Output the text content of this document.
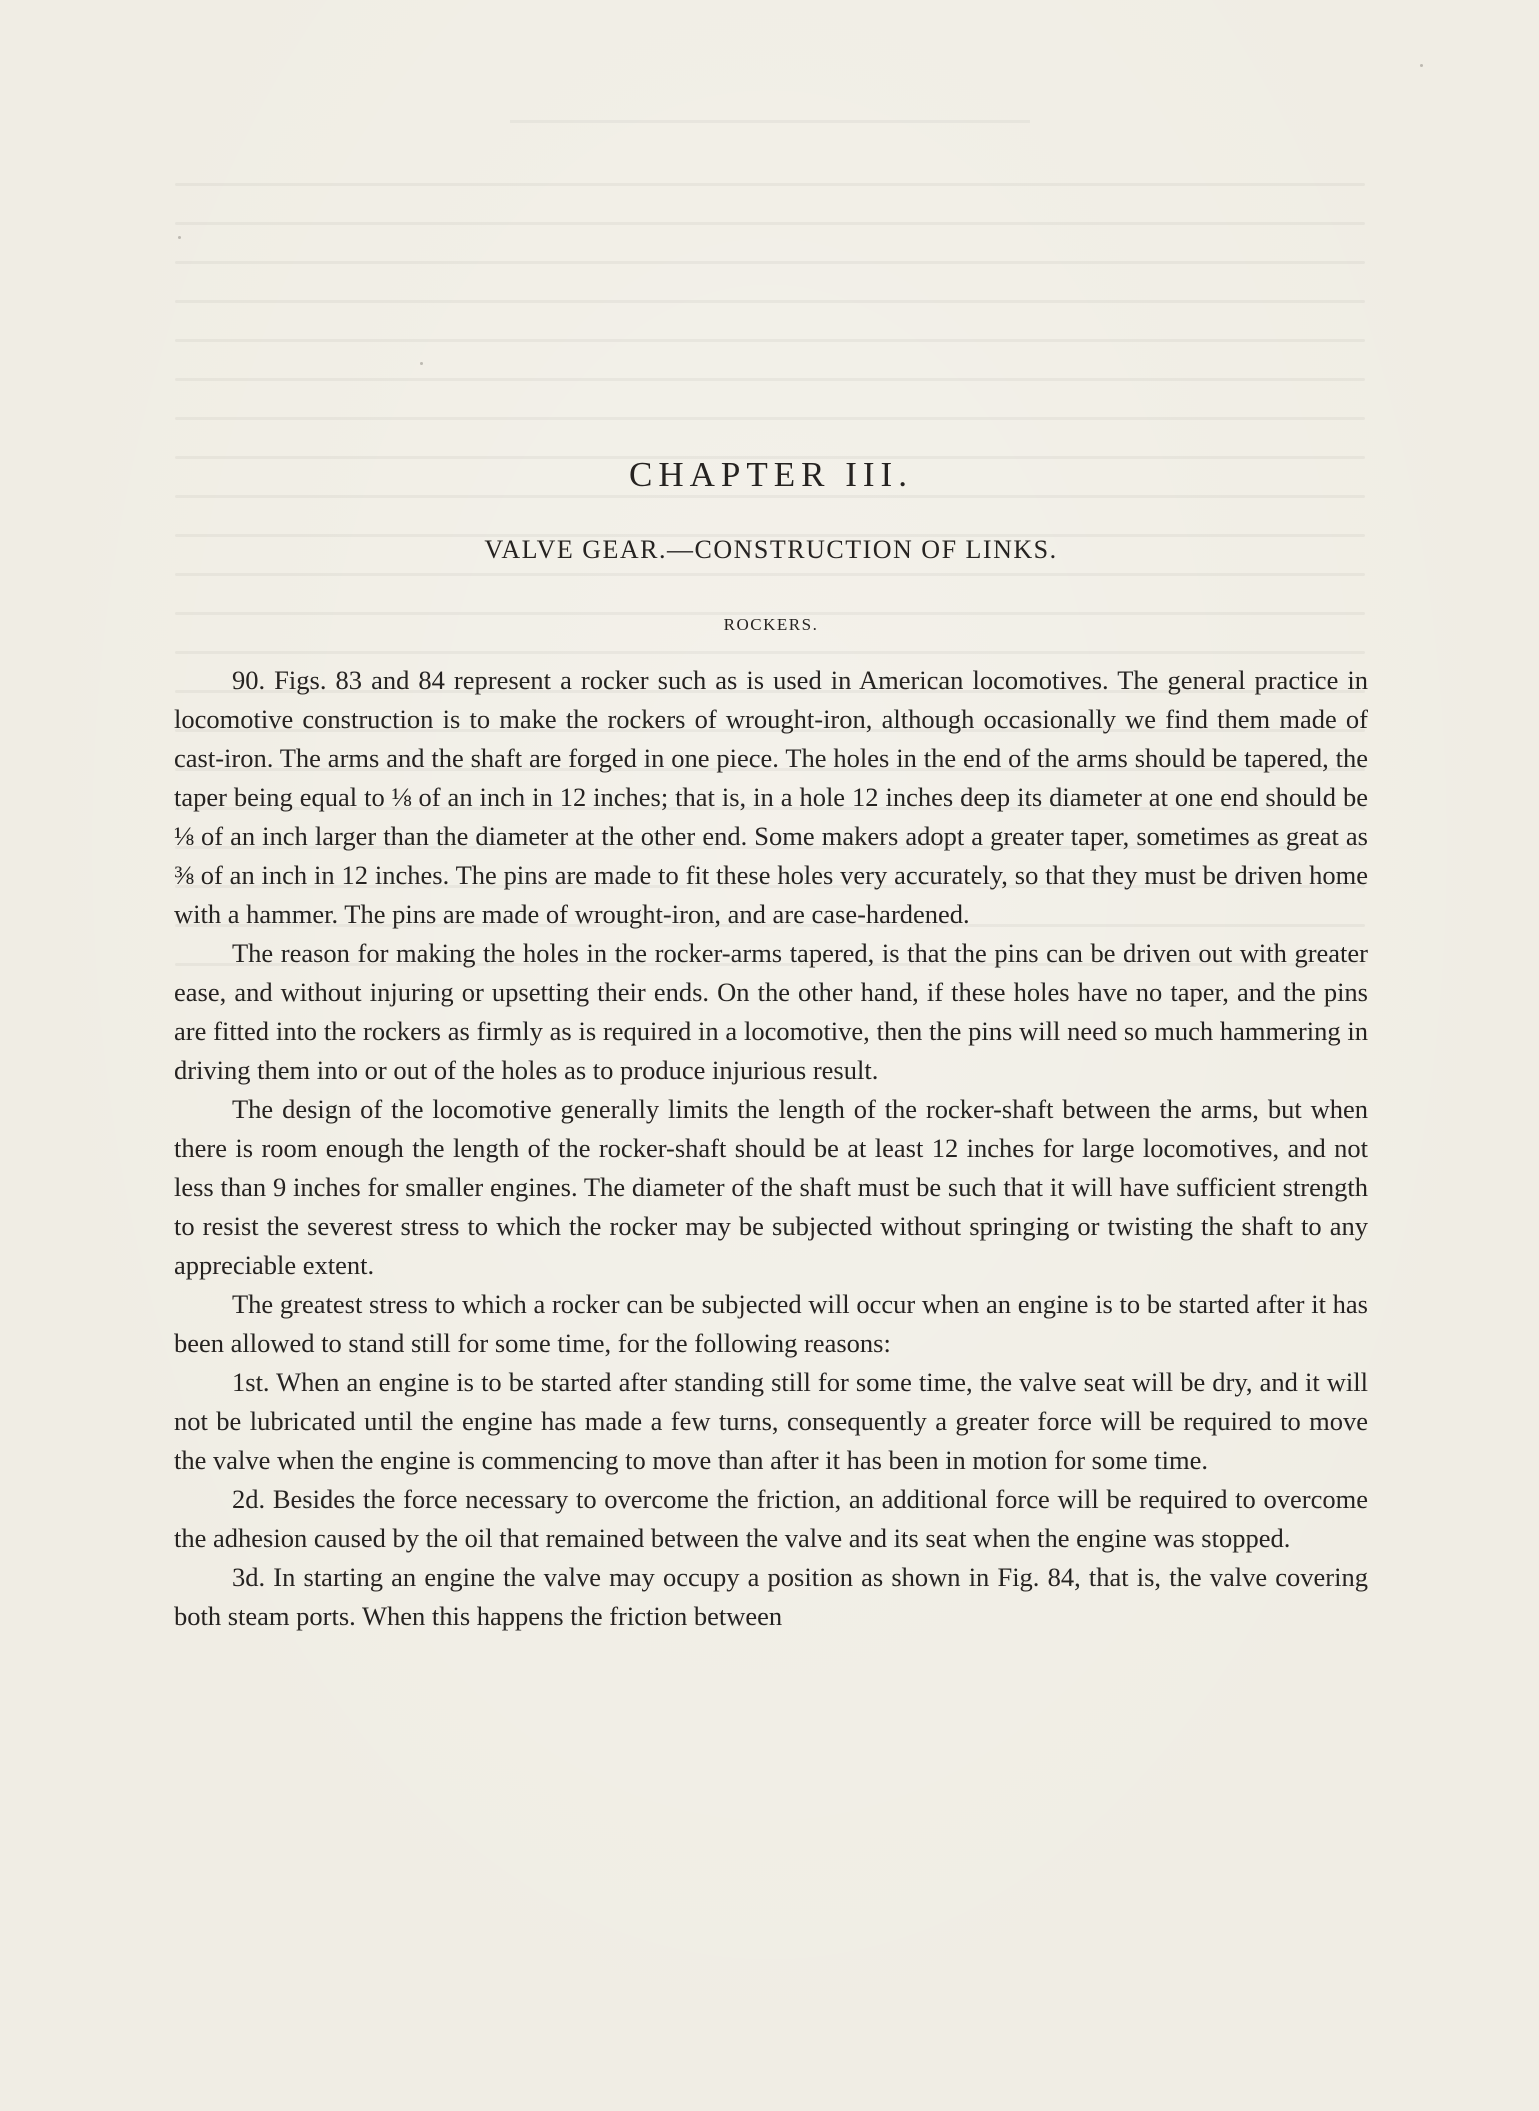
CHAPTER III.
VALVE GEAR.—CONSTRUCTION OF LINKS.
ROCKERS.

90. Figs. 83 and 84 represent a rocker such as is used in American locomotives. The general practice in locomotive construction is to make the rockers of wrought-iron, although occasionally we find them made of cast-iron. The arms and the shaft are forged in one piece. The holes in the end of the arms should be tapered, the taper being equal to ⅛ of an inch in 12 inches; that is, in a hole 12 inches deep its diameter at one end should be ⅛ of an inch larger than the diameter at the other end. Some makers adopt a greater taper, sometimes as great as ⅜ of an inch in 12 inches. The pins are made to fit these holes very accurately, so that they must be driven home with a hammer. The pins are made of wrought-iron, and are case-hardened.

The reason for making the holes in the rocker-arms tapered, is that the pins can be driven out with greater ease, and without injuring or upsetting their ends. On the other hand, if these holes have no taper, and the pins are fitted into the rockers as firmly as is required in a locomotive, then the pins will need so much hammering in driving them into or out of the holes as to produce injurious result.

The design of the locomotive generally limits the length of the rocker-shaft between the arms, but when there is room enough the length of the rocker-shaft should be at least 12 inches for large locomotives, and not less than 9 inches for smaller engines. The diameter of the shaft must be such that it will have sufficient strength to resist the severest stress to which the rocker may be subjected without springing or twisting the shaft to any appreciable extent.

The greatest stress to which a rocker can be subjected will occur when an engine is to be started after it has been allowed to stand still for some time, for the following reasons:

1st. When an engine is to be started after standing still for some time, the valve seat will be dry, and it will not be lubricated until the engine has made a few turns, consequently a greater force will be required to move the valve when the engine is commencing to move than after it has been in motion for some time.

2d. Besides the force necessary to overcome the friction, an additional force will be required to overcome the adhesion caused by the oil that remained between the valve and its seat when the engine was stopped.

3d. In starting an engine the valve may occupy a position as shown in Fig. 84, that is, the valve covering both steam ports. When this happens the friction between
